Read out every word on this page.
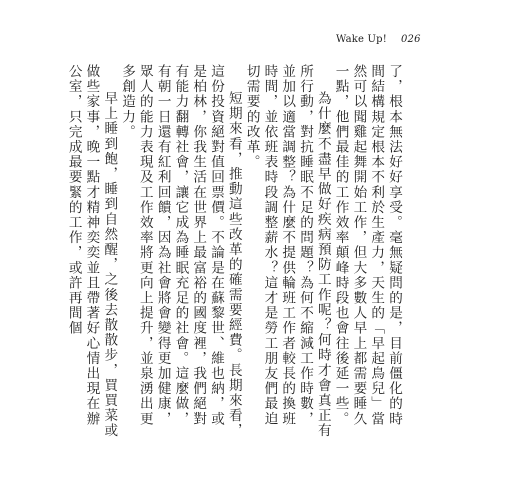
Wake Up! 026

了，根本無法好好享受。毫無疑問的是，目前僵化的時間結構規定根本不利於生產力，天生的「早起鳥兒」當然可以聞雞起舞開始工作，但大多數人早上都需要睡久一點，他們最佳的工作效率顛峰時段也會往後延一些。

為什麼不盡早做好疾病預防工作呢？何時才會真正有所行動，對抗睡眠不足的問題？為何不縮減工作時數，並加以適當調整？為什麼不提供輪班工作者較長的換班時間，並依班表時段調整薪水？這才是勞工朋友們最迫切需要的改革。

短期來看，推動這些改革的確需要經費。長期來看，這份投資絕對值回票價。不論是在蘇黎世、維也納，或是柏林，你我生活在世界上最富裕的國度裡，我們絕對有能力翻轉社會，讓它成為睡眠充足的社會。這麼做，有朝一日還有紅利回饋，因為社會將會變得更加健康，眾人的能力表現及工作效率將更向上提升，並泉湧出更多創造力。

早上睡到飽，睡到自然醒，之後去散散步，買買菜或做些家事，晚一點才精神奕奕並且帶著好心情出現在辦公室，只完成最要緊的工作，或許再間個
